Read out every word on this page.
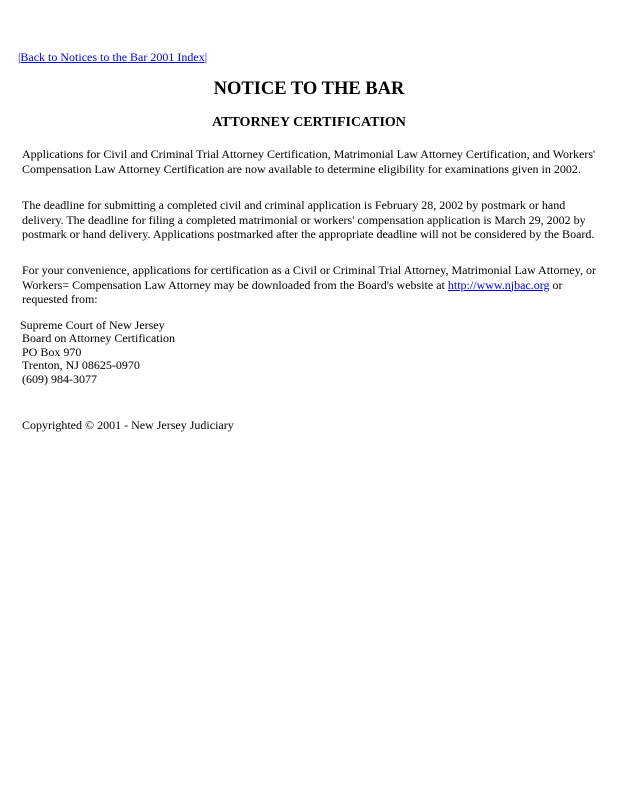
|Back to Notices to the Bar 2001 Index|
NOTICE TO THE BAR
ATTORNEY CERTIFICATION

Applications for Civil and Criminal Trial Attorney Certification, Matrimonial Law Attorney Certification, and Workers' Compensation Law Attorney Certification are now available to determine eligibility for examinations given in 2002.

The deadline for submitting a completed civil and criminal application is February 28, 2002 by postmark or hand delivery. The deadline for filing a completed matrimonial or workers' compensation application is March 29, 2002 by postmark or hand delivery. Applications postmarked after the appropriate deadline will not be considered by the Board.

For your convenience, applications for certification as a Civil or Criminal Trial Attorney, Matrimonial Law Attorney, or Workers= Compensation Law Attorney may be downloaded from the Board's website at http://www.njbac.org or requested from:

Supreme Court of New Jersey
Board on Attorney Certification
PO Box 970
Trenton, NJ 08625-0970
(609) 984-3077
Copyrighted © 2001 - New Jersey Judiciary
